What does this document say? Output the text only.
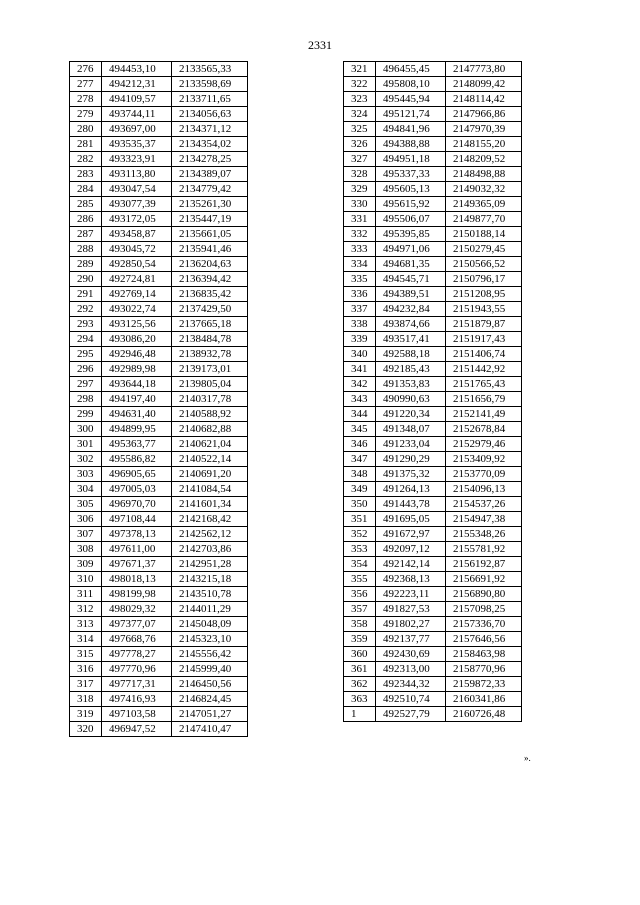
2331
276	494453,10	2133565,33
277	494212,31	2133598,69
278	494109,57	2133711,65
279	493744,11	2134056,63
280	493697,00	2134371,12
281	493535,37	2134354,02
282	493323,91	2134278,25
283	493113,80	2134389,07
284	493047,54	2134779,42
285	493077,39	2135261,30
286	493172,05	2135447,19
287	493458,87	2135661,05
288	493045,72	2135941,46
289	492850,54	2136204,63
290	492724,81	2136394,42
291	492769,14	2136835,42
292	493022,74	2137429,50
293	493125,56	2137665,18
294	493086,20	2138484,78
295	492946,48	2138932,78
296	492989,98	2139173,01
297	493644,18	2139805,04
298	494197,40	2140317,78
299	494631,40	2140588,92
300	494899,95	2140682,88
301	495363,77	2140621,04
302	495586,82	2140522,14
303	496905,65	2140691,20
304	497005,03	2141084,54
305	496970,70	2141601,34
306	497108,44	2142168,42
307	497378,13	2142562,12
308	497611,00	2142703,86
309	497671,37	2142951,28
310	498018,13	2143215,18
311	498199,98	2143510,78
312	498029,32	2144011,29
313	497377,07	2145048,09
314	497668,76	2145323,10
315	497778,27	2145556,42
316	497770,96	2145999,40
317	497717,31	2146450,56
318	497416,93	2146824,45
319	497103,58	2147051,27
320	496947,52	2147410,47
321	496455,45	2147773,80
322	495808,10	2148099,42
323	495445,94	2148114,42
324	495121,74	2147966,86
325	494841,96	2147970,39
326	494388,88	2148155,20
327	494951,18	2148209,52
328	495337,33	2148498,88
329	495605,13	2149032,32
330	495615,92	2149365,09
331	495506,07	2149877,70
332	495395,85	2150188,14
333	494971,06	2150279,45
334	494681,35	2150566,52
335	494545,71	2150796,17
336	494389,51	2151208,95
337	494232,84	2151943,55
338	493874,66	2151879,87
339	493517,41	2151917,43
340	492588,18	2151406,74
341	492185,43	2151442,92
342	491353,83	2151765,43
343	490990,63	2151656,79
344	491220,34	2152141,49
345	491348,07	2152678,84
346	491233,04	2152979,46
347	491290,29	2153409,92
348	491375,32	2153770,09
349	491264,13	2154096,13
350	491443,78	2154537,26
351	491695,05	2154947,38
352	491672,97	2155348,26
353	492097,12	2155781,92
354	492142,14	2156192,87
355	492368,13	2156691,92
356	492223,11	2156890,80
357	491827,53	2157098,25
358	491802,27	2157336,70
359	492137,77	2157646,56
360	492430,69	2158463,98
361	492313,00	2158770,96
362	492344,32	2159872,33
363	492510,74	2160341,86
1	492527,79	2160726,48
».
